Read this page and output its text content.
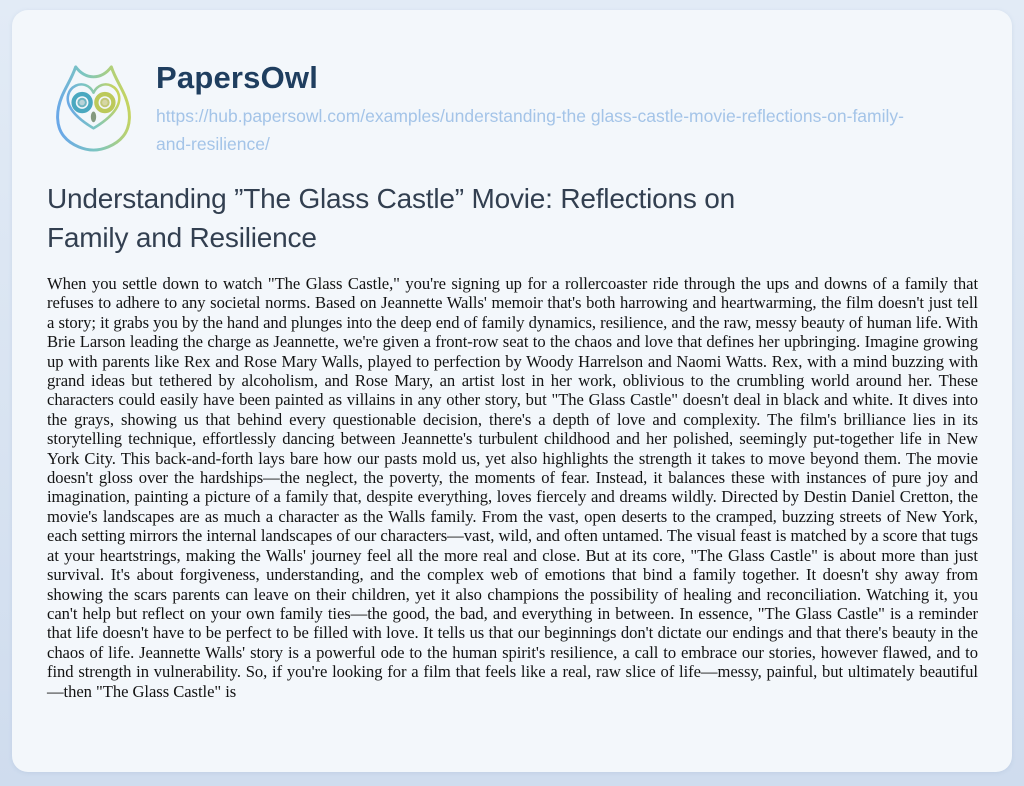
PapersOwl
https://hub.papersowl.com/examples/understanding-the glass-castle-movie-reflections-on-family-and-resilience/
Understanding ”The Glass Castle” Movie: Reflections on Family and Resilience

When you settle down to watch "The Glass Castle," you're signing up for a rollercoaster ride through the ups and downs of a family that refuses to adhere to any societal norms. Based on Jeannette Walls' memoir that's both harrowing and heartwarming, the film doesn't just tell a story; it grabs you by the hand and plunges into the deep end of family dynamics, resilience, and the raw, messy beauty of human life. With Brie Larson leading the charge as Jeannette, we're given a front-row seat to the chaos and love that defines her upbringing. Imagine growing up with parents like Rex and Rose Mary Walls, played to perfection by Woody Harrelson and Naomi Watts. Rex, with a mind buzzing with grand ideas but tethered by alcoholism, and Rose Mary, an artist lost in her work, oblivious to the crumbling world around her. These characters could easily have been painted as villains in any other story, but "The Glass Castle" doesn't deal in black and white. It dives into the grays, showing us that behind every questionable decision, there's a depth of love and complexity. The film's brilliance lies in its storytelling technique, effortlessly dancing between Jeannette's turbulent childhood and her polished, seemingly put-together life in New York City. This back-and-forth lays bare how our pasts mold us, yet also highlights the strength it takes to move beyond them. The movie doesn't gloss over the hardships—the neglect, the poverty, the moments of fear. Instead, it balances these with instances of pure joy and imagination, painting a picture of a family that, despite everything, loves fiercely and dreams wildly. Directed by Destin Daniel Cretton, the movie's landscapes are as much a character as the Walls family. From the vast, open deserts to the cramped, buzzing streets of New York, each setting mirrors the internal landscapes of our characters—vast, wild, and often untamed. The visual feast is matched by a score that tugs at your heartstrings, making the Walls' journey feel all the more real and close. But at its core, "The Glass Castle" is about more than just survival. It's about forgiveness, understanding, and the complex web of emotions that bind a family together. It doesn't shy away from showing the scars parents can leave on their children, yet it also champions the possibility of healing and reconciliation. Watching it, you can't help but reflect on your own family ties—the good, the bad, and everything in between. In essence, "The Glass Castle" is a reminder that life doesn't have to be perfect to be filled with love. It tells us that our beginnings don't dictate our endings and that there's beauty in the chaos of life. Jeannette Walls' story is a powerful ode to the human spirit's resilience, a call to embrace our stories, however flawed, and to find strength in vulnerability. So, if you're looking for a film that feels like a real, raw slice of life—messy, painful, but ultimately beautiful—then "The Glass Castle" is
